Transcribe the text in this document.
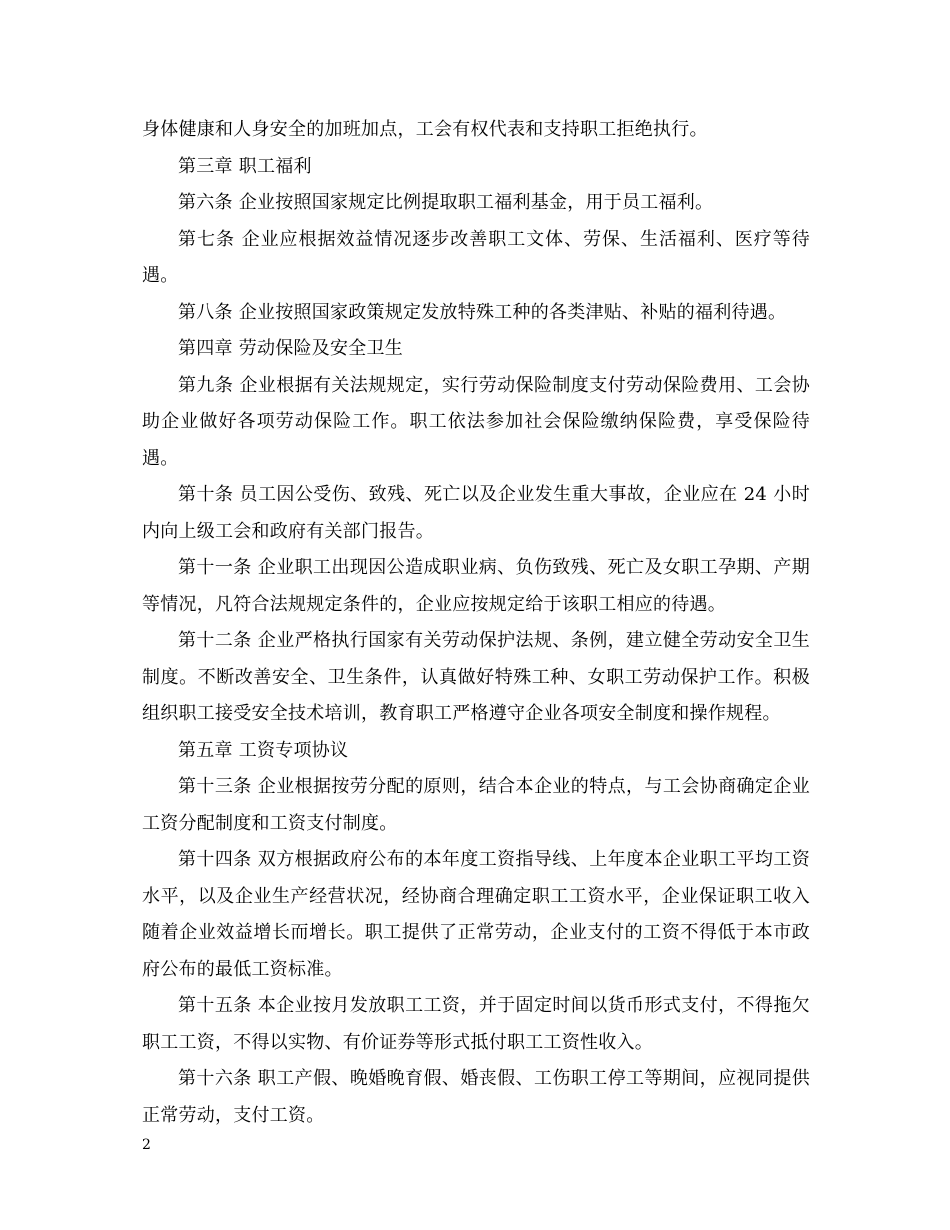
身体健康和人身安全的加班加点，工会有权代表和支持职工拒绝执行。

第三章 职工福利

第六条 企业按照国家规定比例提取职工福利基金，用于员工福利。

第七条 企业应根据效益情况逐步改善职工文体、劳保、生活福利、医疗等待遇。

第八条 企业按照国家政策规定发放特殊工种的各类津贴、补贴的福利待遇。

第四章 劳动保险及安全卫生

第九条 企业根据有关法规规定，实行劳动保险制度支付劳动保险费用、工会协助企业做好各项劳动保险工作。职工依法参加社会保险缴纳保险费，享受保险待遇。

第十条 员工因公受伤、致残、死亡以及企业发生重大事故，企业应在 24 小时内向上级工会和政府有关部门报告。

第十一条 企业职工出现因公造成职业病、负伤致残、死亡及女职工孕期、产期等情况，凡符合法规规定条件的，企业应按规定给于该职工相应的待遇。

第十二条 企业严格执行国家有关劳动保护法规、条例，建立健全劳动安全卫生制度。不断改善安全、卫生条件，认真做好特殊工种、女职工劳动保护工作。积极组织职工接受安全技术培训，教育职工严格遵守企业各项安全制度和操作规程。

第五章 工资专项协议

第十三条 企业根据按劳分配的原则，结合本企业的特点，与工会协商确定企业工资分配制度和工资支付制度。

第十四条 双方根据政府公布的本年度工资指导线、上年度本企业职工平均工资水平，以及企业生产经营状况，经协商合理确定职工工资水平，企业保证职工收入随着企业效益增长而增长。职工提供了正常劳动，企业支付的工资不得低于本市政府公布的最低工资标准。

第十五条 本企业按月发放职工工资，并于固定时间以货币形式支付，不得拖欠职工工资，不得以实物、有价证券等形式抵付职工工资性收入。

第十六条 职工产假、晚婚晚育假、婚丧假、工伤职工停工等期间，应视同提供正常劳动，支付工资。

2
